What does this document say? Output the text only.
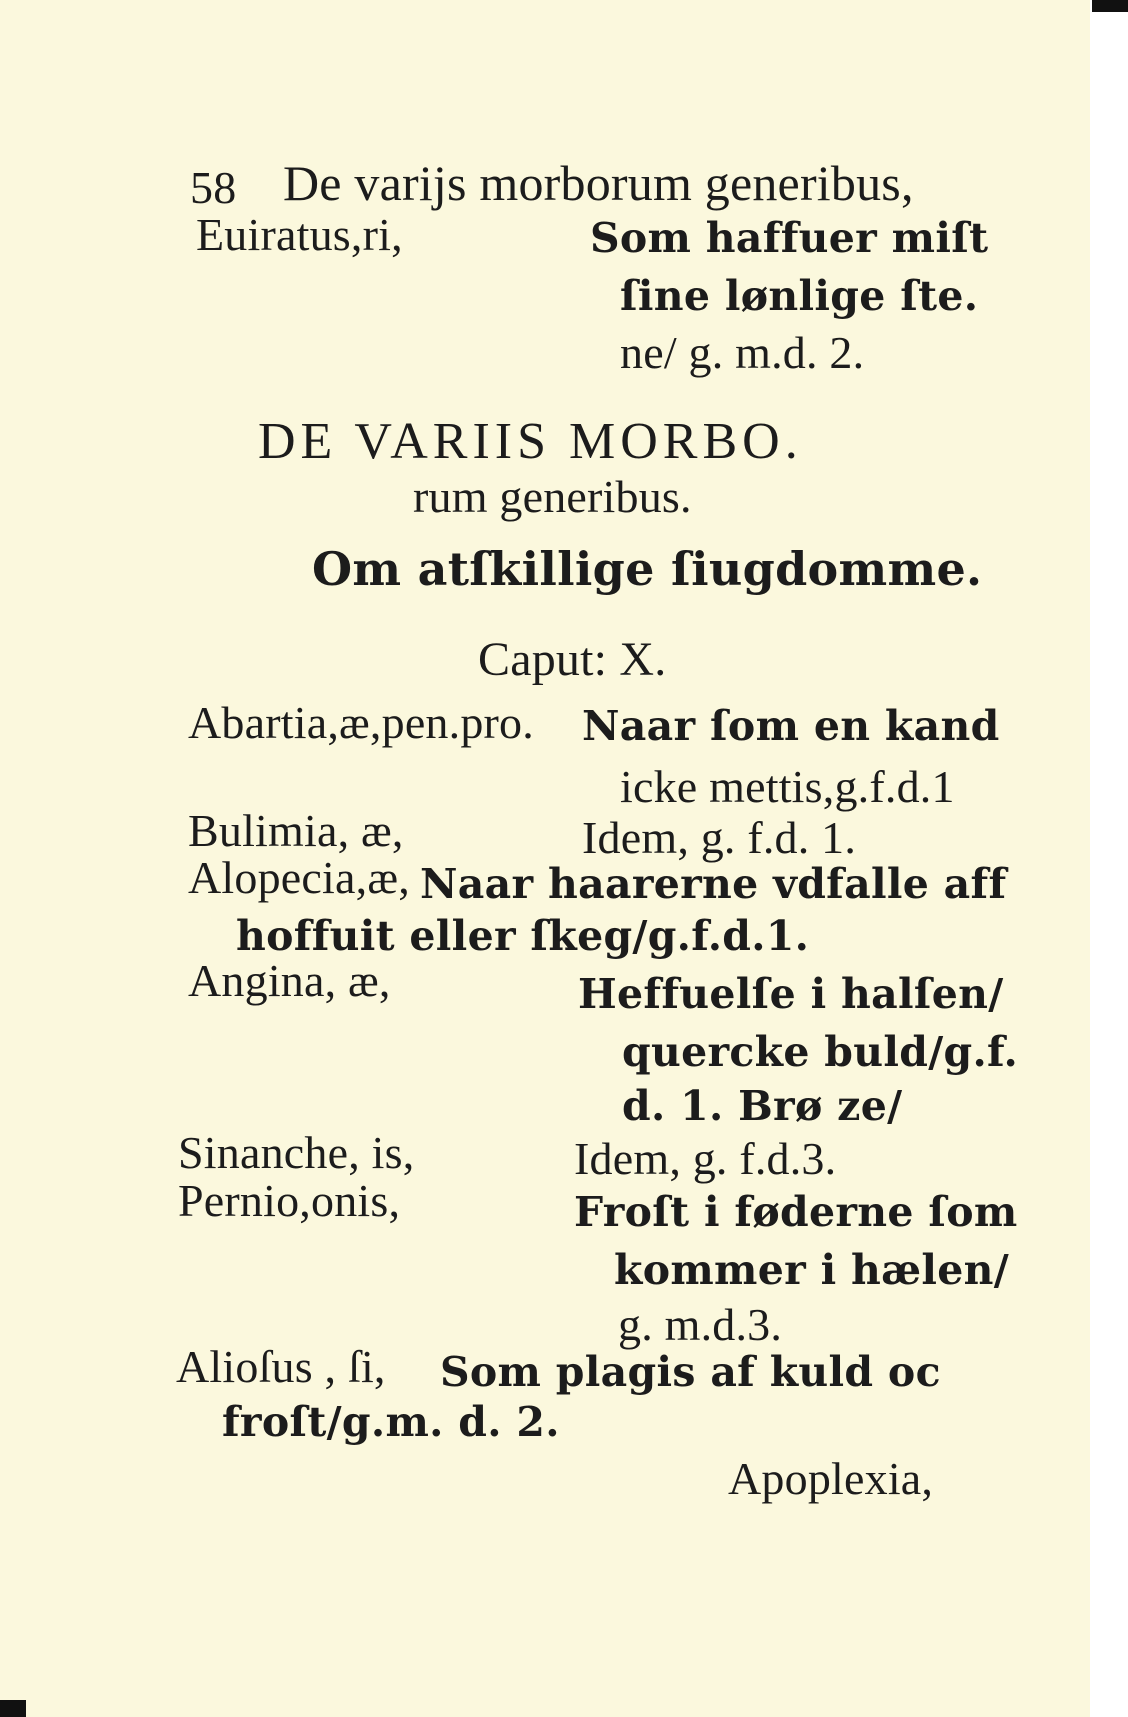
58 De varijs morborum generibus,
Euiratus,ri,	Som haffuer miſt
ſine lønlige ſte.
ne/ g. m.d. 2.
DE VARIIS MORBO.
rum generibus.
Om atſkillige ſiugdomme.
Caput: X.
Abartia,æ,pen.pro. Naar ſom en kand
icke mettis,g.f.d.1
Bulimia, æ,	Idem, g. f.d. 1.
Alopecia,æ, Naar haarerne vdfalle aff
hoffuit eller ſkeg/g.f.d.1.
Angina, æ,	Heffuelſe i halſen/
quercke buld/g.f.
d. 1. Brø ze/
Sinanche, is,	Idem, g. f.d.3.
Pernio,onis,	Froſt i føderne ſom
kommer i hælen/
g. m.d.3.
Alioſus , ſi, Som plagis af kuld oc
froſt/g.m. d. 2.
Apoplexia,
